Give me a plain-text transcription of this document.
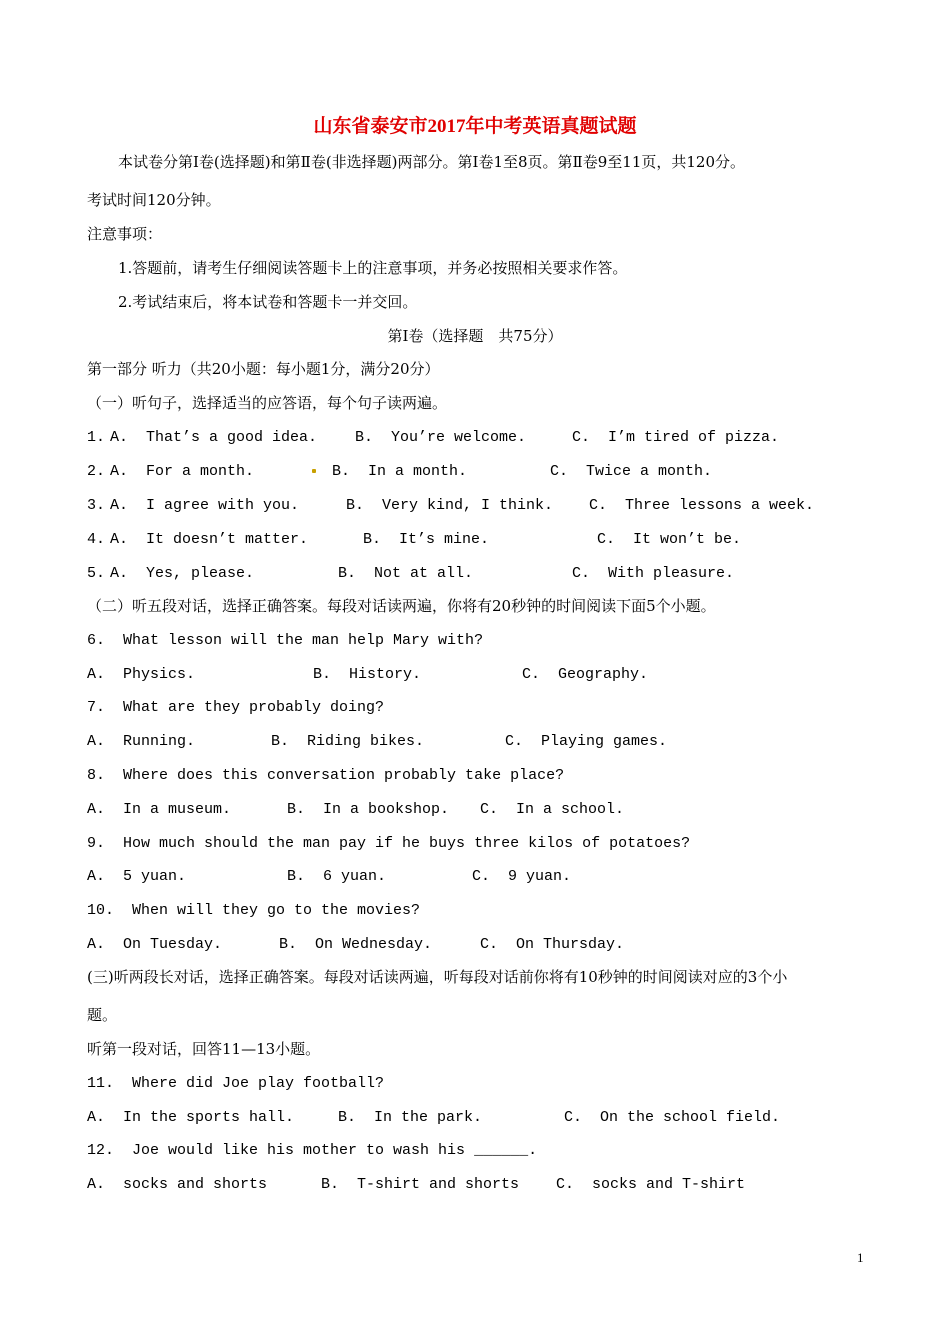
山东省泰安市2017年中考英语真题试题
本试卷分第Ⅰ卷(选择题)和第Ⅱ卷(非选择题)两部分。第Ⅰ卷1至8页。第Ⅱ卷9至11页，共120分。
考试时间120分钟。
注意事项：
1.答题前，请考生仔细阅读答题卡上的注意事项，并务必按照相关要求作答。
2.考试结束后，将本试卷和答题卡一并交回。
第Ⅰ卷（选择题　共75分）
第一部分 听力（共20小题：每小题1分，满分20分）
（一）听句子，选择适当的应答语，每个句子读两遍。
1. A.  That’s a good idea.	B.  You’re welcome.	C.  I’m tired of pizza.
2. A.  For a month.	B.  In a month.	C.  Twice a month.
3. A.  I agree with you.	B.  Very kind, I think. C.  Three lessons a week.
4. A.  It doesn’t matter.	B.  It’s mine.	C.  It won’t be.
5. A.  Yes, please.	B.  Not at all.	C.  With pleasure.
（二）听五段对话，选择正确答案。每段对话读两遍，你将有20秒钟的时间阅读下面5个小题。
6.  What lesson will the man help Mary with?
A.  Physics.	B.  History.	C.  Geography.
7.  What are they probably doing?
A.  Running.	B.  Riding bikes.	C.  Playing games.
8.  Where does this conversation probably take place?
A.  In a museum.	B.  In a bookshop. C.  In a school.
9.  How much should the man pay if he buys three kilos of potatoes?
A.  5 yuan.	B.  6 yuan.	C.  9 yuan.
10.  When will they go to the movies?
A.  On Tuesday.	B.  On Wednesday.	C.  On Thursday.
(三)听两段长对话，选择正确答案。每段对话读两遍，听每段对话前你将有10秒钟的时间阅读对应的3个小
题。
听第一段对话，回答11—13小题。
11.  Where did Joe play football?
A.  In the sports hall.	B.  In the park.	C.  On the school field.
12.  Joe would like his mother to wash his ______.
A.  socks and shorts	B.  T-shirt and shorts C.  socks and T-shirt
1
